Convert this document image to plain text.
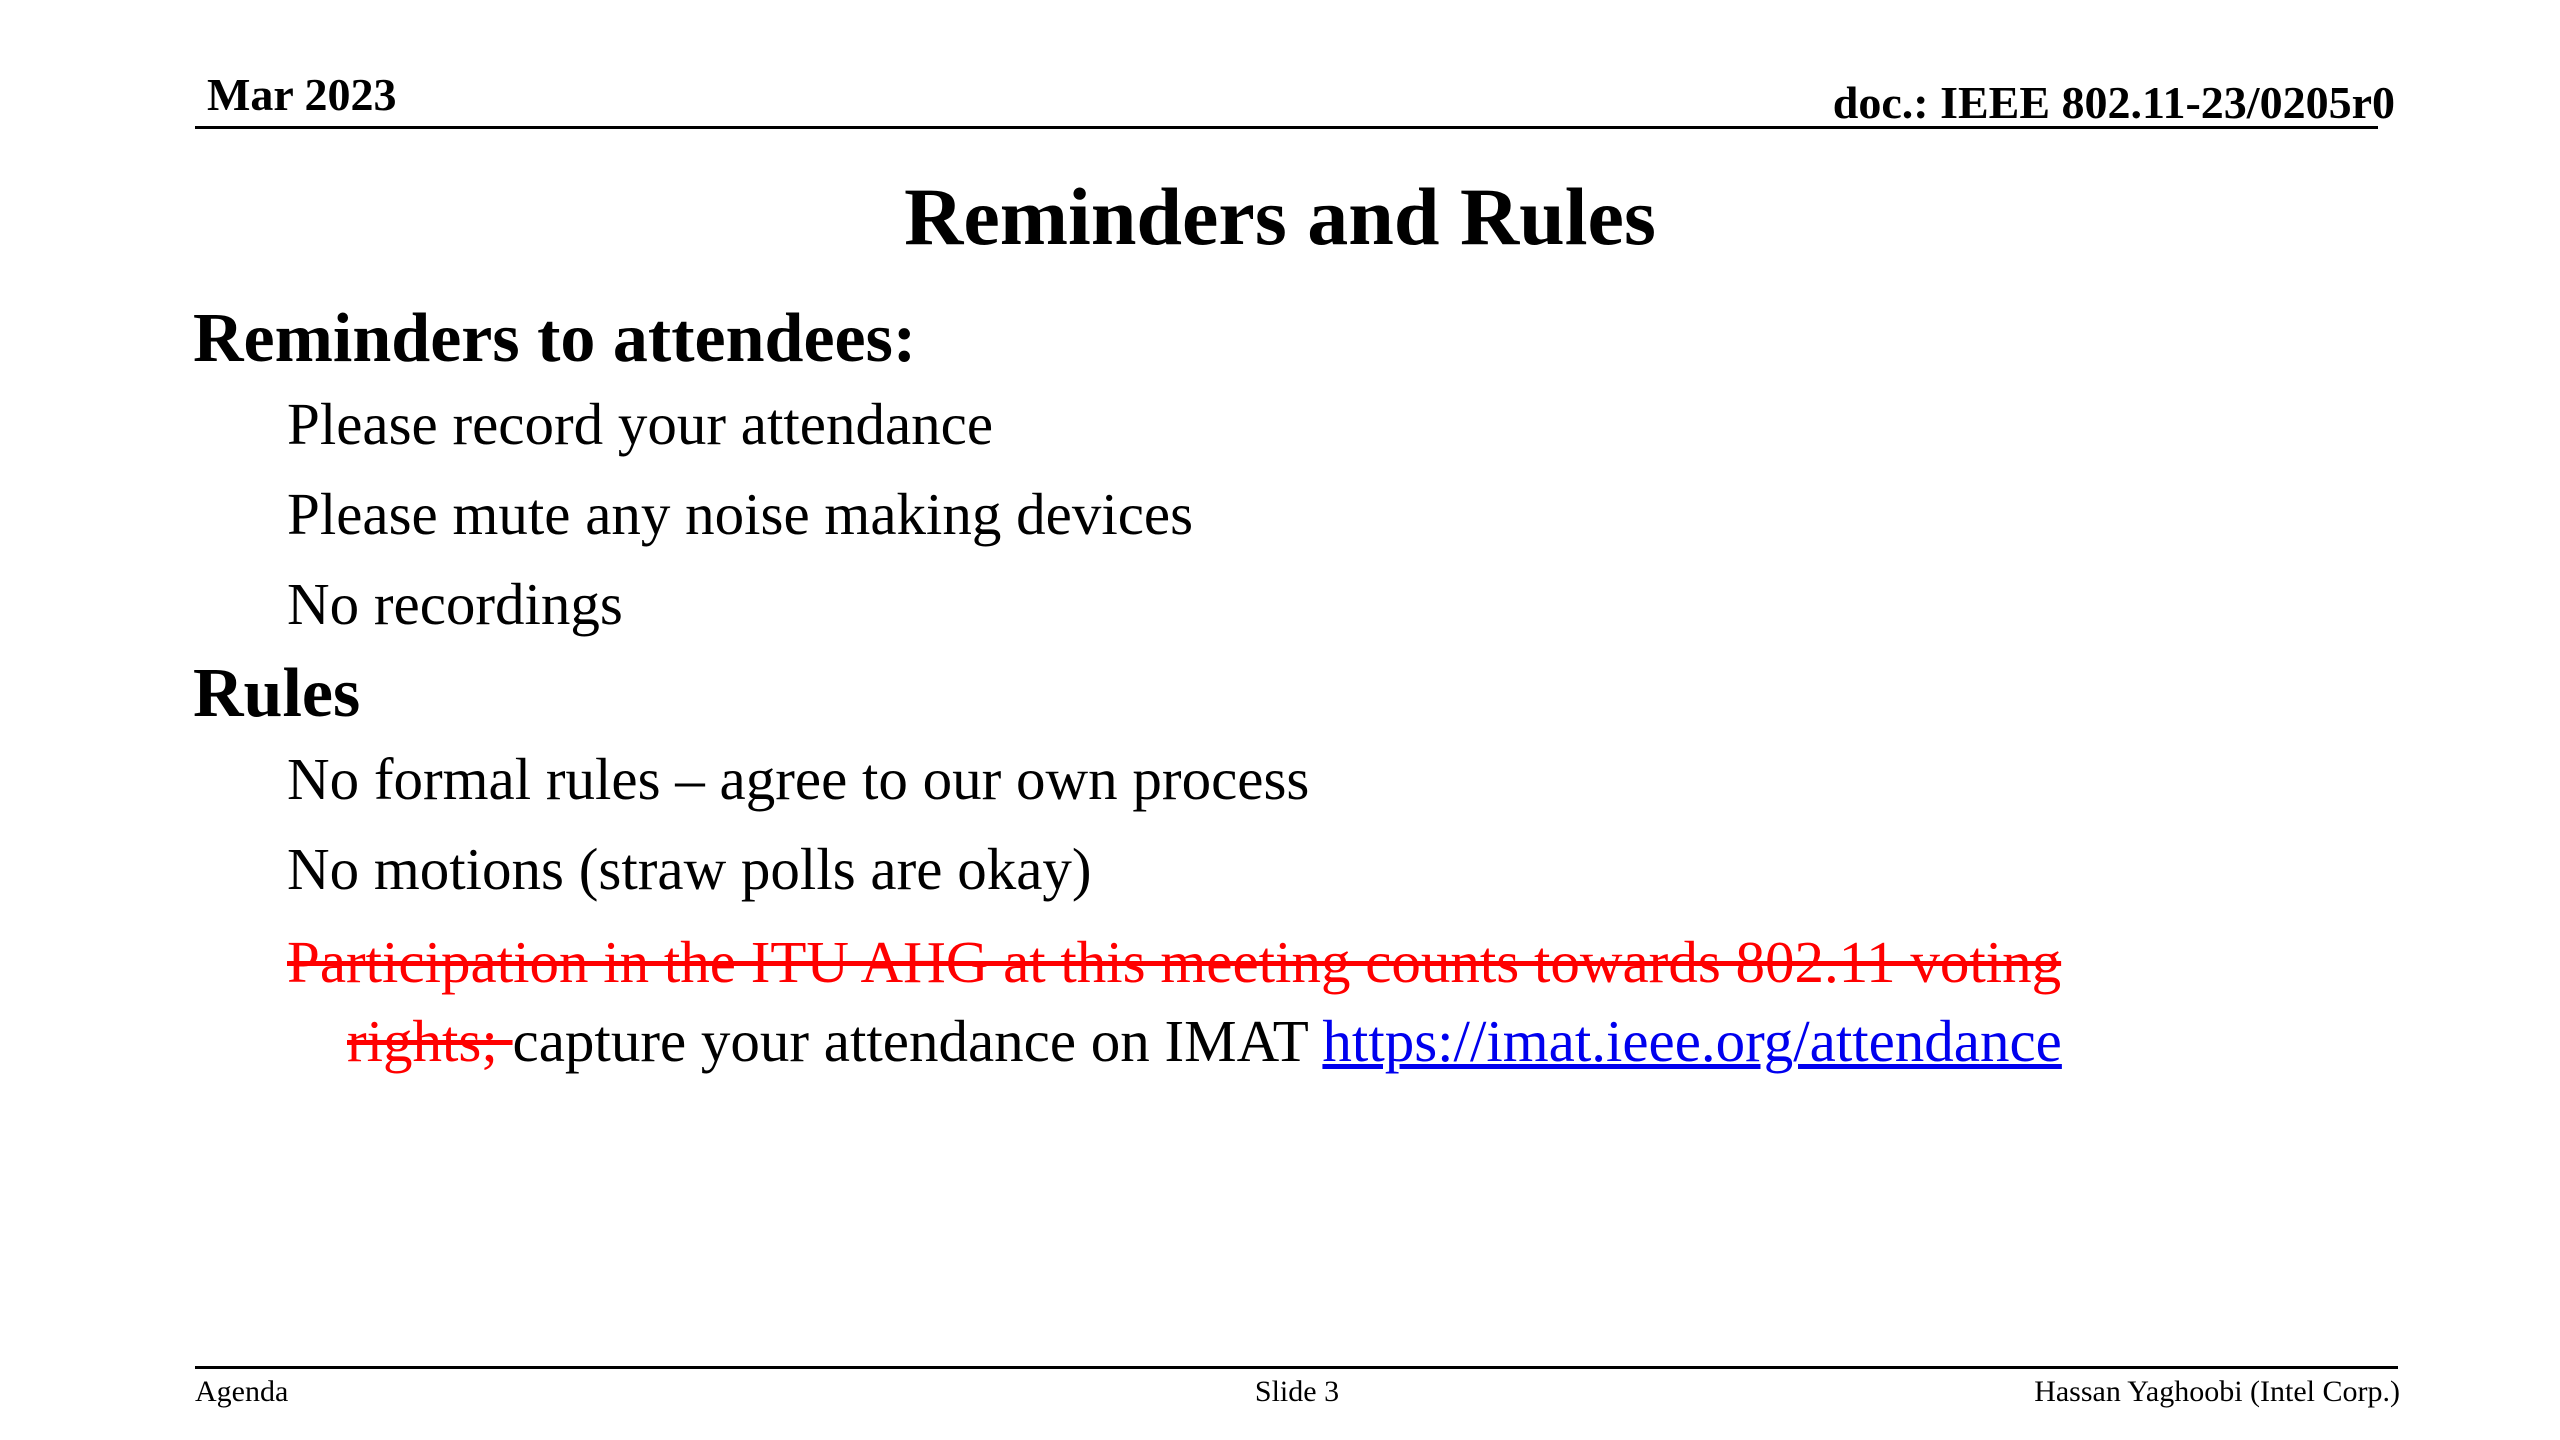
Mar 2023	doc.: IEEE 802.11-23/0205r0
Reminders and Rules

Reminders to attendees:

Please record your attendance

Please mute any noise making devices

No recordings

Rules

No formal rules – agree to our own process

No motions (straw polls are okay)

Participation in the ITU AHG at this meeting counts towards 802.11 voting
rights; capture your attendance on IMAT https://imat.ieee.org/attendance
Agenda	Slide 3	Hassan Yaghoobi (Intel Corp.)
